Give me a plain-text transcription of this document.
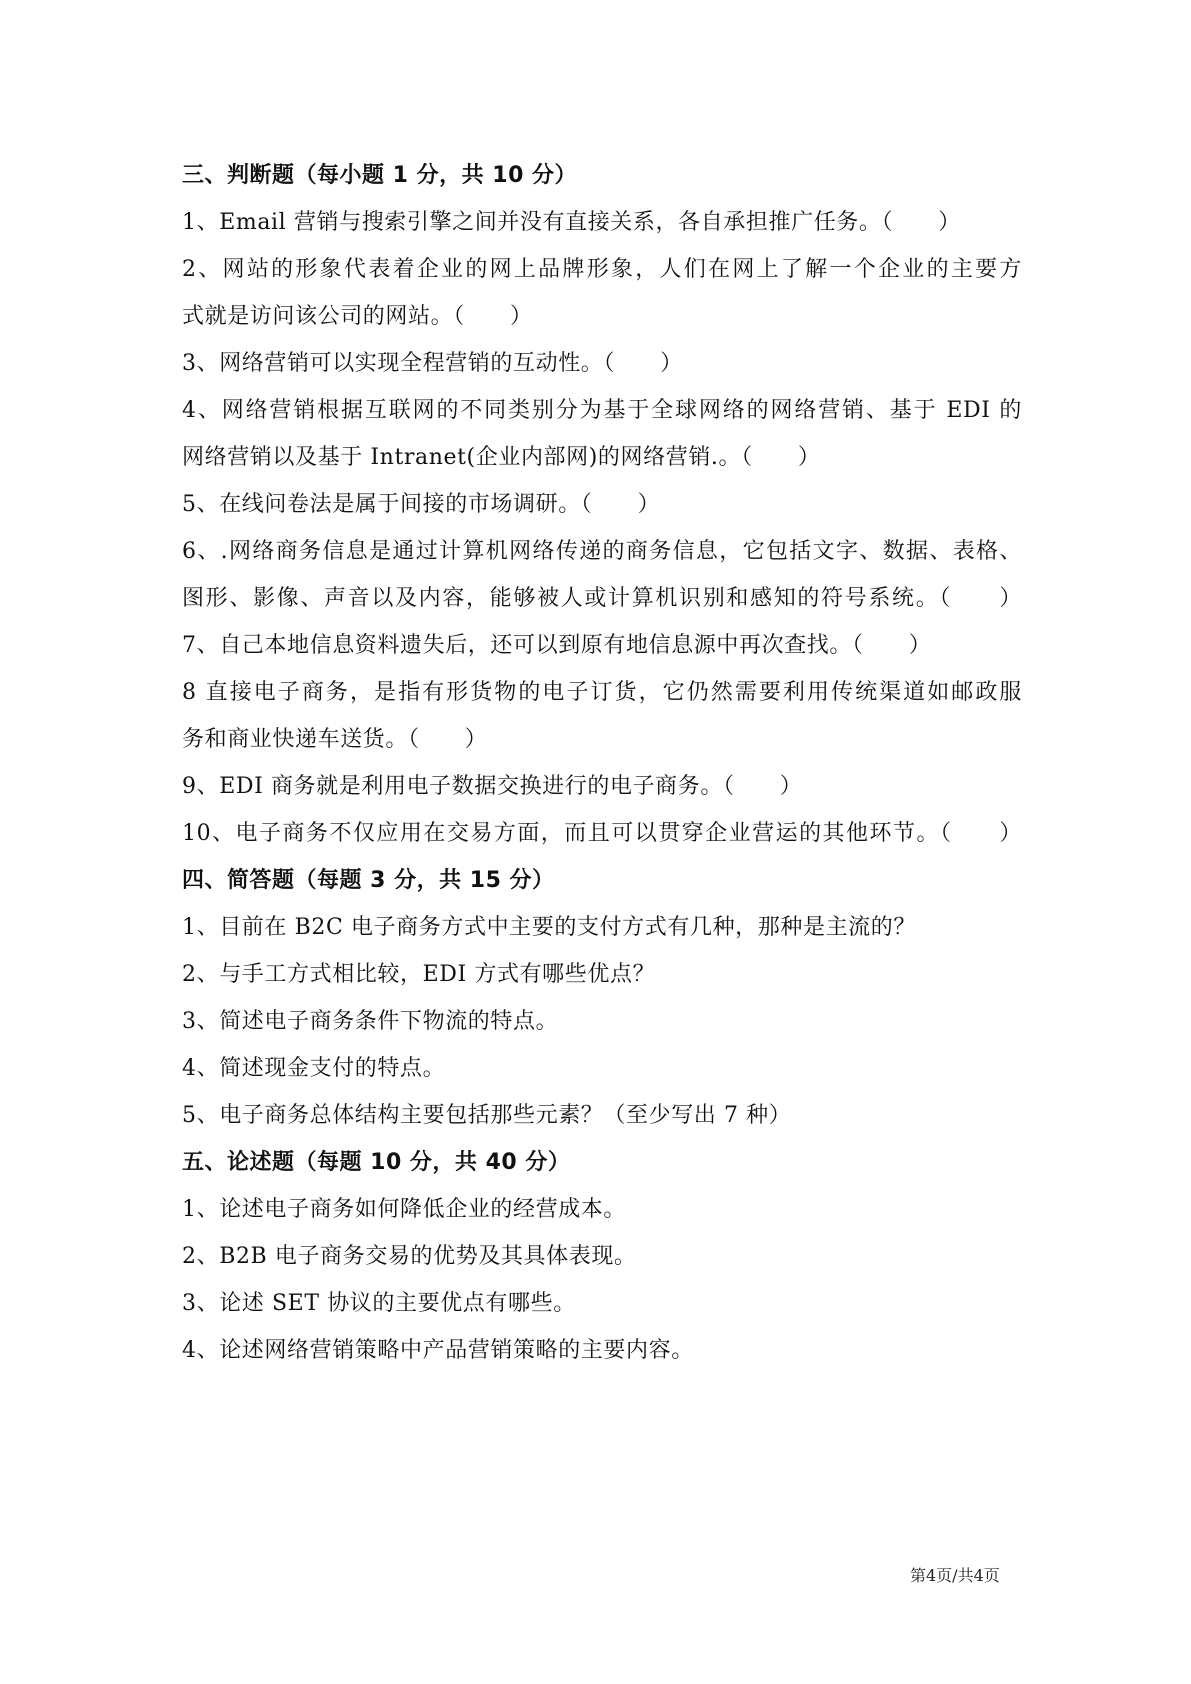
三、判断题（每小题 1 分，共 10 分）
1、Email 营销与搜索引擎之间并没有直接关系，各自承担推广任务。（　　）
2、网站的形象代表着企业的网上品牌形象，人们在网上了解一个企业的主要方
式就是访问该公司的网站。（　　）
3、网络营销可以实现全程营销的互动性。（　　）
4、网络营销根据互联网的不同类别分为基于全球网络的网络营销、基于 EDI 的
网络营销以及基于 Intranet(企业内部网)的网络营销.。（　　）
5、在线问卷法是属于间接的市场调研。（　　）
6、.网络商务信息是通过计算机网络传递的商务信息，它包括文字、数据、表格、
图形、影像、声音以及内容，能够被人或计算机识别和感知的符号系统。（　　）
7、自己本地信息资料遗失后，还可以到原有地信息源中再次查找。（　　）
8 直接电子商务，是指有形货物的电子订货，它仍然需要利用传统渠道如邮政服
务和商业快递车送货。（　　）
9、EDI 商务就是利用电子数据交换进行的电子商务。（　　）
10、电子商务不仅应用在交易方面，而且可以贯穿企业营运的其他环节。（　　）
四、简答题（每题 3 分，共 15 分）
1、目前在 B2C 电子商务方式中主要的支付方式有几种，那种是主流的？
2、与手工方式相比较，EDI 方式有哪些优点？
3、简述电子商务条件下物流的特点。
4、简述现金支付的特点。
5、电子商务总体结构主要包括那些元素？（至少写出 7 种）
五、论述题（每题 10 分，共 40 分）
1、论述电子商务如何降低企业的经营成本。
2、B2B 电子商务交易的优势及其具体表现。
3、论述 SET 协议的主要优点有哪些。
4、论述网络营销策略中产品营销策略的主要内容。
第4页/共4页
